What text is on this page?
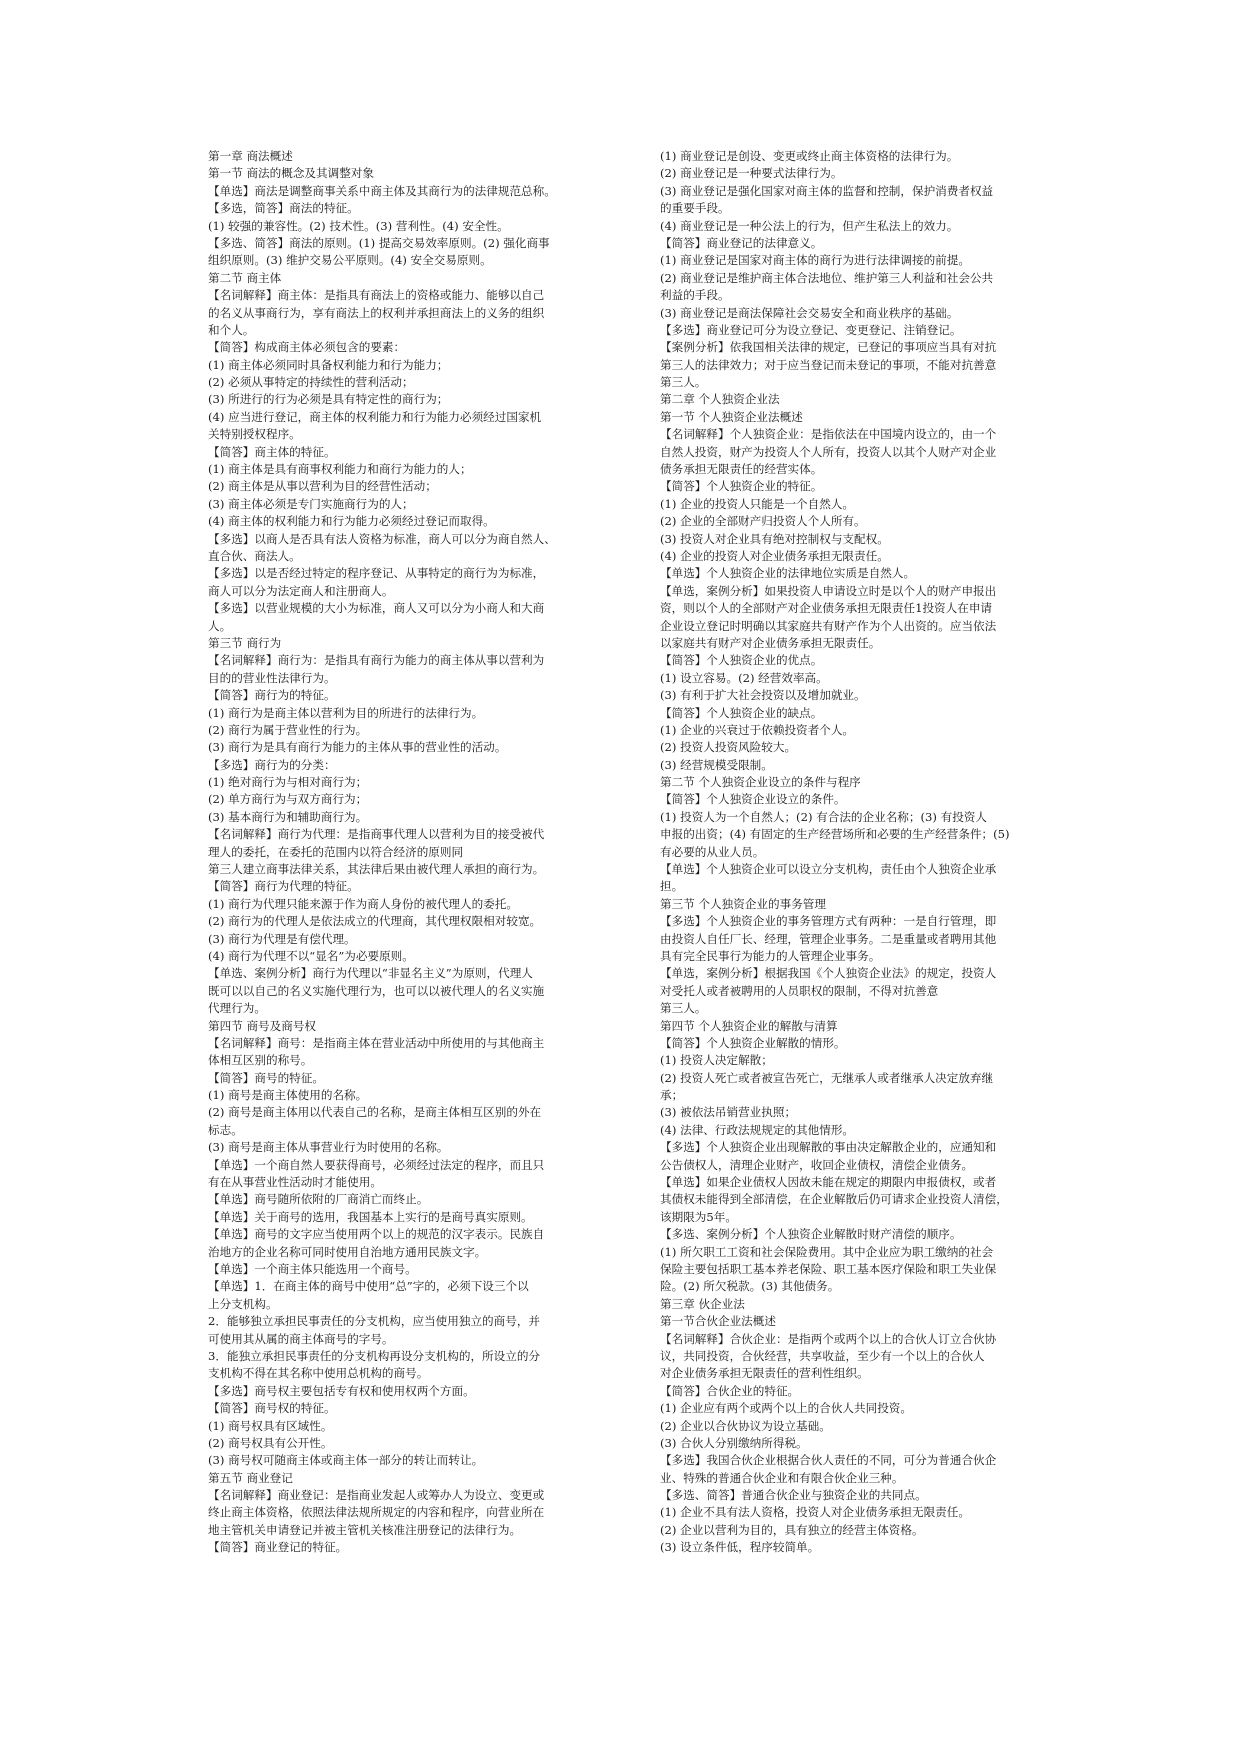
第一章 商法概述
第一节 商法的概念及其调整对象
【单选】商法是调整商事关系中商主体及其商行为的法律规范总称。
【多选，简答】商法的特征。
(1) 较强的兼容性。(2) 技术性。(3) 营利性。(4) 安全性。
【多选、简答】商法的原则。(1) 提高交易效率原则。(2) 强化商事
组织原则。(3) 维护交易公平原则。(4) 安全交易原则。
第二节 商主体
【名词解释】商主体：是指具有商法上的资格或能力、能够以自己
的名义从事商行为，享有商法上的权利并承担商法上的义务的组织
和个人。
【简答】构成商主体必须包含的要素：
(1) 商主体必须同时具备权利能力和行为能力；
(2) 必须从事特定的持续性的营利活动；
(3) 所进行的行为必须是具有特定性的商行为；
(4) 应当进行登记，商主体的权利能力和行为能力必须经过国家机
关特别授权程序。
【简答】商主体的特征。
(1) 商主体是具有商事权利能力和商行为能力的人；
(2) 商主体是从事以营利为目的经营性活动；
(3) 商主体必须是专门实施商行为的人；
(4) 商主体的权利能力和行为能力必须经过登记而取得。
【多选】以商人是否具有法人资格为标准，商人可以分为商自然人、
直合伙、商法人。
【多选】以是否经过特定的程序登记、从事特定的商行为为标准，
商人可以分为法定商人和注册商人。
【多选】以营业规模的大小为标准，商人又可以分为小商人和大商
人。
第三节 商行为
【名词解释】商行为：是指具有商行为能力的商主体从事以营利为
目的的营业性法律行为。
【简答】商行为的特征。
(1) 商行为是商主体以营利为目的所进行的法律行为。
(2) 商行为属于营业性的行为。
(3) 商行为是具有商行为能力的主体从事的营业性的活动。
【多选】商行为的分类：
(1) 绝对商行为与相对商行为；
(2) 单方商行为与双方商行为；
(3) 基本商行为和辅助商行为。
【名词解释】商行为代理：是指商事代理人以营利为目的接受被代
理人的委托，在委托的范围内以符合经济的原则同
第三人建立商事法律关系，其法律后果由被代理人承担的商行为。
【简答】商行为代理的特征。
(1) 商行为代理只能来源于作为商人身份的被代理人的委托。
(2) 商行为的代理人是依法成立的代理商，其代理权限相对较宽。
(3) 商行为代理是有偿代理。
(4) 商行为代理不以“显名”为必要原则。
【单选、案例分析】商行为代理以“非显名主义”为原则，代理人
既可以以自己的名义实施代理行为，也可以以被代理人的名义实施
代理行为。
第四节 商号及商号权
【名词解释】商号：是指商主体在营业活动中所使用的与其他商主
体相互区别的称号。
【简答】商号的特征。
(1) 商号是商主体使用的名称。
(2) 商号是商主体用以代表自己的名称，是商主体相互区别的外在
标志。
(3) 商号是商主体从事营业行为时使用的名称。
【单选】一个商自然人要获得商号，必须经过法定的程序，而且只
有在从事营业性活动时才能使用。
【单选】商号随所依附的厂商消亡而终止。
【单选】关于商号的选用，我国基本上实行的是商号真实原则。
【单选】商号的文字应当使用两个以上的规范的汉字表示。民族自
治地方的企业名称可同时使用自治地方通用民族文字。
【单选】一个商主体只能选用一个商号。
【单选】1．在商主体的商号中使用“总”字的，必须下设三个以
上分支机构。
2．能够独立承担民事责任的分支机构，应当使用独立的商号，并
可使用其从属的商主体商号的字号。
3．能独立承担民事责任的分支机构再设分支机构的，所设立的分
支机构不得在其名称中使用总机构的商号。
【多选】商号权主要包括专有权和使用权两个方面。
【简答】商号权的特征。
(1) 商号权具有区域性。
(2) 商号权具有公开性。
(3) 商号权可随商主体或商主体一部分的转让而转让。
第五节 商业登记
【名词解释】商业登记：是指商业发起人或筹办人为设立、变更或
终止商主体资格，依照法律法规所规定的内容和程序，向营业所在
地主管机关申请登记并被主管机关核准注册登记的法律行为。
【简答】商业登记的特征。
(1) 商业登记是创设、变更或终止商主体资格的法律行为。
(2) 商业登记是一种要式法律行为。
(3) 商业登记是强化国家对商主体的监督和控制，保护消费者权益
的重要手段。
(4) 商业登记是一种公法上的行为，但产生私法上的效力。
【简答】商业登记的法律意义。
(1) 商业登记是国家对商主体的商行为进行法律调接的前提。
(2) 商业登记是维护商主体合法地位、维护第三人利益和社会公共
利益的手段。
(3) 商业登记是商法保障社会交易安全和商业秩序的基础。
【多选】商业登记可分为设立登记、变更登记、注销登记。
【案例分析】依我国相关法律的规定，已登记的事项应当具有对抗
第三人的法律效力；对于应当登记而未登记的事项，不能对抗善意
第三人。
第二章 个人独资企业法
第一节 个人独资企业法概述
【名词解释】个人独资企业：是指依法在中国境内设立的，由一个
自然人投资，财产为投资人个人所有，投资人以其个人财产对企业
债务承担无限责任的经营实体。
【简答】个人独资企业的特征。
(1) 企业的投资人只能是一个自然人。
(2) 企业的全部财产归投资人个人所有。
(3) 投资人对企业具有绝对控制权与支配权。
(4) 企业的投资人对企业债务承担无限责任。
【单选】个人独资企业的法律地位实质是自然人。
【单选，案例分析】如果投资人申请设立时是以个人的财产申报出
资，则以个人的全部财产对企业债务承担无限责任1投资人在申请
企业设立登记时明确以其家庭共有财产作为个人出资的。应当依法
以家庭共有财产对企业债务承担无限责任。
【简答】个人独资企业的优点。
(1) 设立容易。(2) 经营效率高。
(3) 有利于扩大社会投资以及增加就业。
【简答】个人独资企业的缺点。
(1) 企业的兴衰过于依赖投资者个人。
(2) 投资人投资风险较大。
(3) 经营规模受限制。
第二节 个人独资企业设立的条件与程序
【简答】个人独资企业设立的条件。
(1) 投资人为一个自然人；(2) 有合法的企业名称；(3) 有投资人
申报的出资；(4) 有固定的生产经营场所和必要的生产经营条件；(5)
有必要的从业人员。
【单选】个人独资企业可以设立分支机构，责任由个人独资企业承
担。
第三节 个人独资企业的事务管理
【多选】个人独资企业的事务管理方式有两种：一是自行管理，即
由投资人自任厂长、经理，管理企业事务。二是重量或者聘用其他
具有完全民事行为能力的人管理企业事务。
【单选，案例分析】根据我国《个人独资企业法》的规定，投资人
对受托人或者被聘用的人员职权的限制，不得对抗善意
第三人。
第四节 个人独资企业的解散与清算
【简答】个人独资企业解散的情形。
(1) 投资人决定解散；
(2) 投资人死亡或者被宣告死亡，无继承人或者继承人决定放弃继
承；
(3) 被依法吊销营业执照；
(4) 法律、行政法规规定的其他情形。
【多选】个人独资企业出现解散的事由决定解散企业的，应通知和
公告债权人，清理企业财产，收回企业债权，清偿企业债务。
【单选】如果企业债权人因故未能在规定的期限内申报债权，或者
其债权未能得到全部清偿，在企业解散后仍可请求企业投资人清偿，
该期限为5年。
【多选、案例分析】个人独资企业解散时财产清偿的顺序。
(1) 所欠职工工资和社会保险费用。其中企业应为职工缴纳的社会
保险主要包括职工基本养老保险、职工基本医疗保险和职工失业保
险。(2) 所欠税款。(3) 其他债务。
第三章 伙企业法
第一节合伙企业法概述
【名词解释】合伙企业：是指两个或两个以上的合伙人订立合伙协
议，共同投资，合伙经营，共享收益，至少有一个以上的合伙人
对企业债务承担无限责任的营利性组织。
【简答】合伙企业的特征。
(1) 企业应有两个或两个以上的合伙人共同投资。
(2) 企业以合伙协议为设立基础。
(3) 合伙人分别缴纳所得税。
【多选】我国合伙企业根据合伙人责任的不同，可分为普通合伙企
业、特殊的普通合伙企业和有限合伙企业三种。
【多选、简答】普通合伙企业与独资企业的共同点。
(1) 企业不具有法人资格，投资人对企业债务承担无限责任。
(2) 企业以营利为目的，具有独立的经营主体资格。
(3) 设立条件低，程序较简单。
